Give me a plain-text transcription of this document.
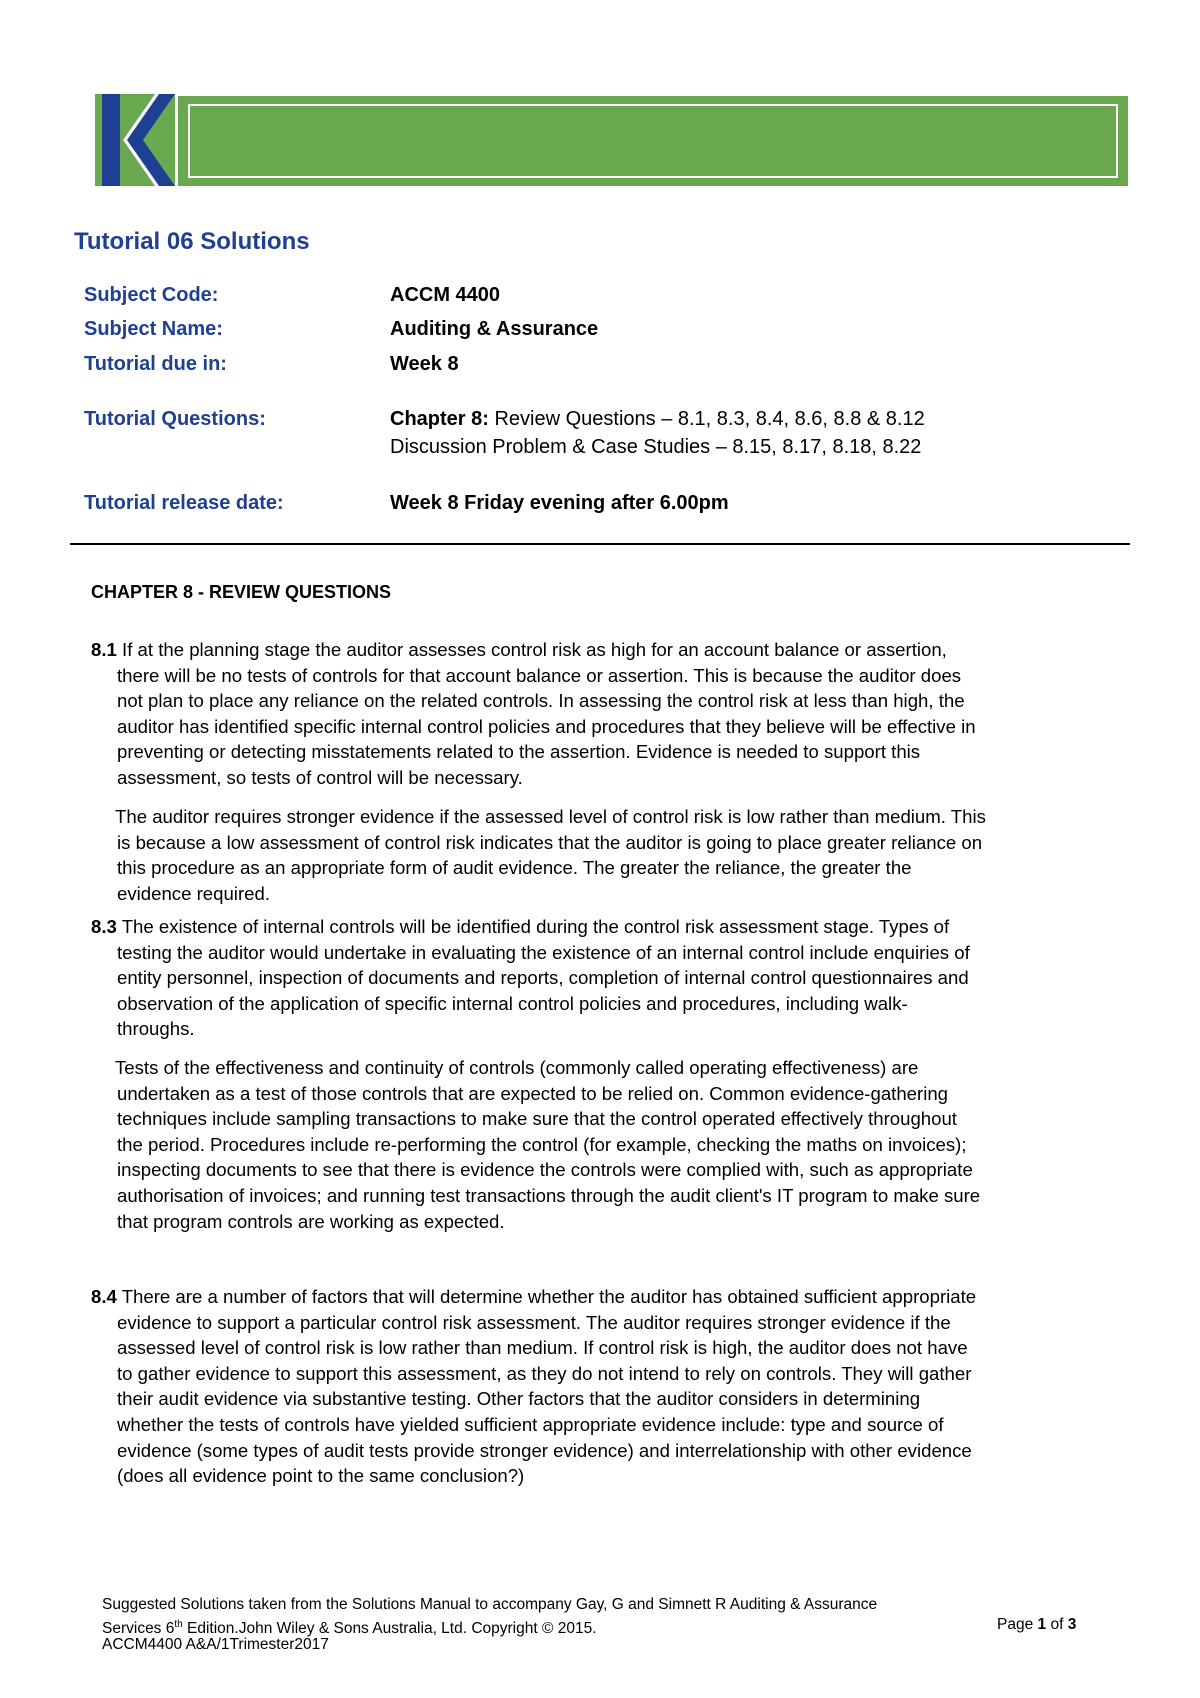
Tutorial 06 Solutions
Subject Code:	ACCM 4400
Subject Name:	Auditing & Assurance
Tutorial due in:	Week 8
Tutorial Questions:	Chapter 8: Review Questions – 8.1, 8.3, 8.4, 8.6, 8.8 & 8.12
Discussion Problem & Case Studies – 8.15, 8.17, 8.18, 8.22
Tutorial release date:	Week 8 Friday evening after 6.00pm
CHAPTER 8 - REVIEW QUESTIONS
8.1 If at the planning stage the auditor assesses control risk as high for an account balance or assertion,
there will be no tests of controls for that account balance or assertion. This is because the auditor does
not plan to place any reliance on the related controls. In assessing the control risk at less than high, the
auditor has identified specific internal control policies and procedures that they believe will be effective in
preventing or detecting misstatements related to the assertion. Evidence is needed to support this
assessment, so tests of control will be necessary.
The auditor requires stronger evidence if the assessed level of control risk is low rather than medium. This
is because a low assessment of control risk indicates that the auditor is going to place greater reliance on
this procedure as an appropriate form of audit evidence. The greater the reliance, the greater the
evidence required.
8.3 The existence of internal controls will be identified during the control risk assessment stage. Types of
testing the auditor would undertake in evaluating the existence of an internal control include enquiries of
entity personnel, inspection of documents and reports, completion of internal control questionnaires and
observation of the application of specific internal control policies and procedures, including walk-
throughs.
Tests of the effectiveness and continuity of controls (commonly called operating effectiveness) are
undertaken as a test of those controls that are expected to be relied on. Common evidence-gathering
techniques include sampling transactions to make sure that the control operated effectively throughout
the period. Procedures include re-performing the control (for example, checking the maths on invoices);
inspecting documents to see that there is evidence the controls were complied with, such as appropriate
authorisation of invoices; and running test transactions through the audit client's IT program to make sure
that program controls are working as expected.
8.4 There are a number of factors that will determine whether the auditor has obtained sufficient appropriate
evidence to support a particular control risk assessment. The auditor requires stronger evidence if the
assessed level of control risk is low rather than medium. If control risk is high, the auditor does not have
to gather evidence to support this assessment, as they do not intend to rely on controls. They will gather
their audit evidence via substantive testing. Other factors that the auditor considers in determining
whether the tests of controls have yielded sufficient appropriate evidence include: type and source of
evidence (some types of audit tests provide stronger evidence) and interrelationship with other evidence
(does all evidence point to the same conclusion?)
Suggested Solutions taken from the Solutions Manual to accompany Gay, G and Simnett R Auditing & Assurance
Services 6th Edition.John Wiley & Sons Australia, Ltd. Copyright © 2015.	Page 1 of 3
ACCM4400 A&A/1Trimester2017
